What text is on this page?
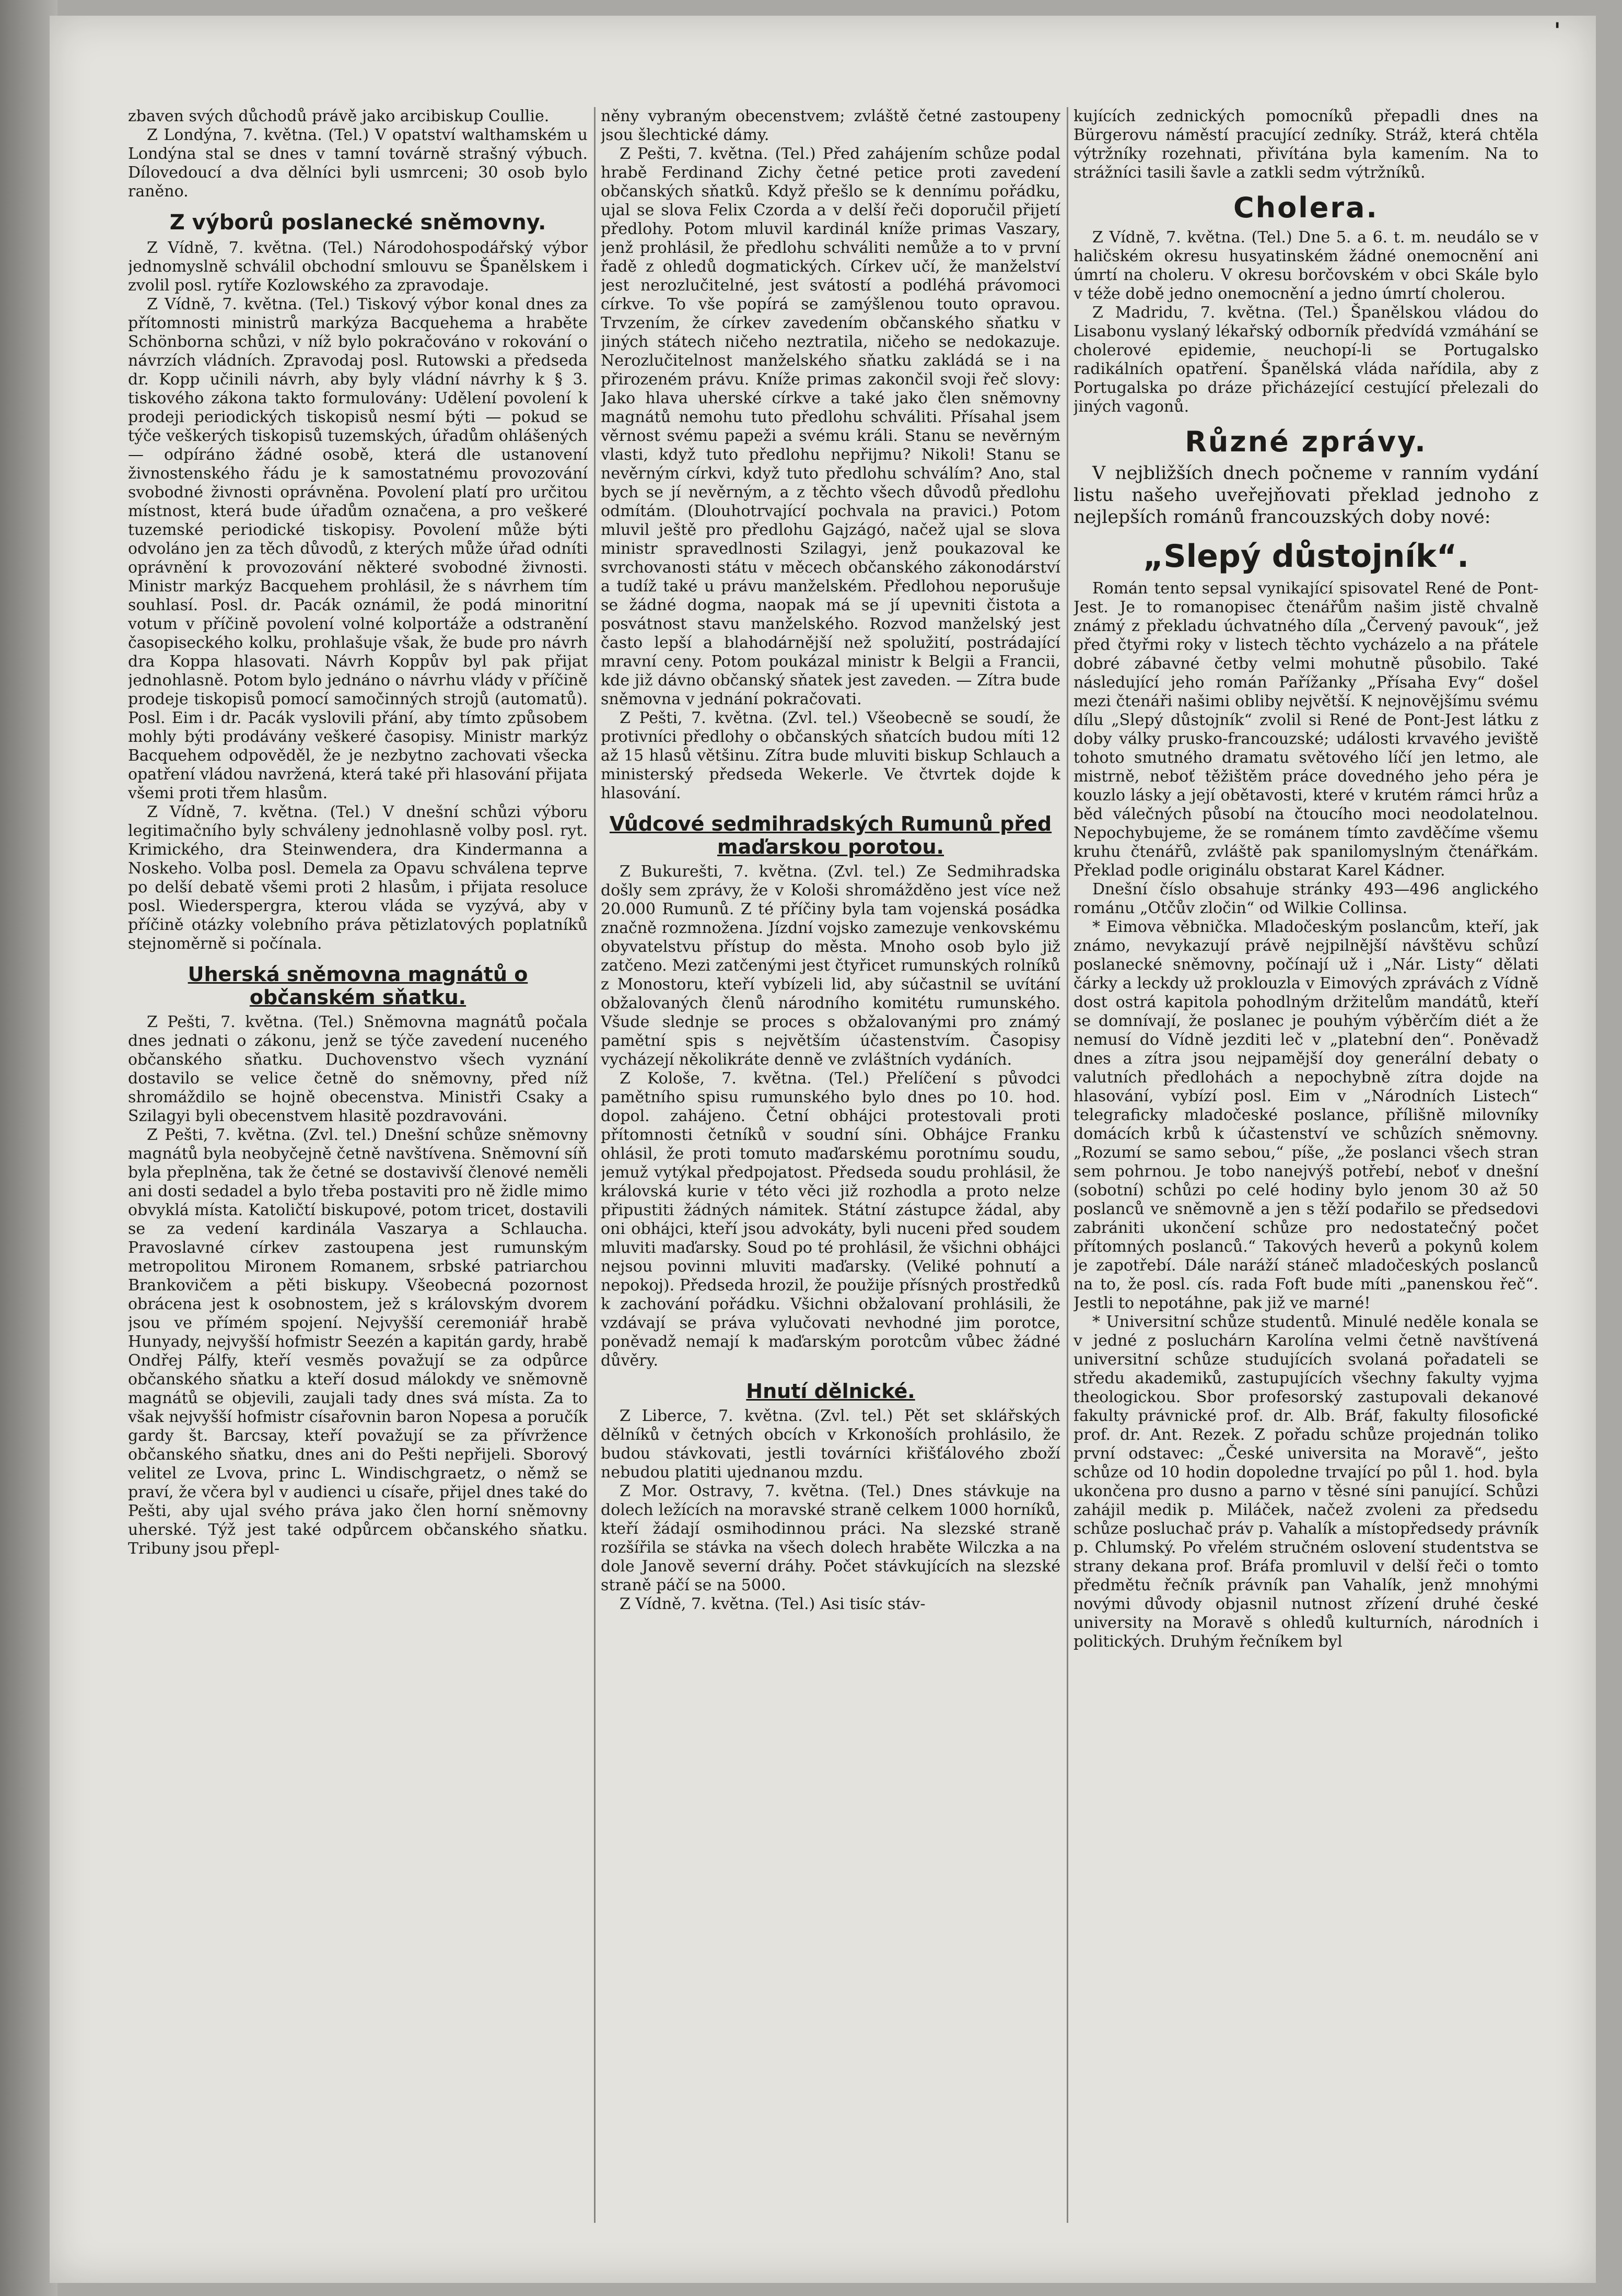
'

zbaven svých důchodů právě jako arcibiskup Coullie.

Z Londýna, 7. května. (Tel.) V opatství walthamském u Londýna stal se dnes v tamní továrně strašný výbuch. Dílovedoucí a dva dělníci byli usmrceni; 30 osob bylo raněno.

Z výborů poslanecké sněmovny.

Z Vídně, 7. května. (Tel.) Národohospodářský výbor jednomyslně schválil obchodní smlouvu se Španělskem i zvolil posl. rytíře Kozlowského za zpravodaje.

Z Vídně, 7. května. (Tel.) Tiskový výbor konal dnes za přítomnosti ministrů markýza Bacquehema a hraběte Schönborna schůzi, v níž bylo pokračováno v rokování o návrzích vládních. Zpravodaj posl. Rutowski a předseda dr. Kopp učinili návrh, aby byly vládní návrhy k § 3. tiskového zákona takto formulovány: Udělení povolení k prodeji periodických tiskopisů nesmí býti — pokud se týče veškerých tiskopisů tuzemských, úřadům ohlášených — odpíráno žádné osobě, která dle ustanovení živnostenského řádu je k samostatnému provozování svobodné živnosti oprávněna. Povolení platí pro určitou místnost, která bude úřadům označena, a pro veškeré tuzemské periodické tiskopisy. Povolení může býti odvoláno jen za těch důvodů, z kterých může úřad odníti oprávnění k provozování některé svobodné živnosti. Ministr markýz Bacquehem prohlásil, že s návrhem tím souhlasí. Posl. dr. Pacák oznámil, že podá minoritní votum v příčině povolení volné kolportáže a odstranění časopiseckého kolku, prohlašuje však, že bude pro návrh dra Koppa hlasovati. Návrh Koppův byl pak přijat jednohlasně. Potom bylo jednáno o návrhu vlády v příčině prodeje tiskopisů pomocí samočinných strojů (automatů). Posl. Eim i dr. Pacák vyslovili přání, aby tímto způsobem mohly býti prodávány veškeré časopisy. Ministr markýz Bacquehem odpověděl, že je nezbytno zachovati všecka opatření vládou navržená, která také při hlasování přijata všemi proti třem hlasům.

Z Vídně, 7. května. (Tel.) V dnešní schůzi výboru legitimačního byly schváleny jednohlasně volby posl. ryt. Krimickéhо, dra Steinwendera, dra Kindermanna a Noskeho. Volba posl. Demela za Opavu schválena teprve po delší debatě všemi proti 2 hlasům, i přijata resoluce posl. Wiederspergra, kterou vláda se vyzývá, aby v příčině otázky volebního práva pětizlatových poplatníků stejnoměrně si počínala.

Uherská sněmovna magnátů o občanském sňatku.

Z Pešti, 7. května. (Tel.) Sněmovna magnátů počala dnes jednati o zákonu, jenž se týče zavedení nuceného občanského sňatku. Duchovenstvo všech vyznání dostavilo se velice četně do sněmovny, před níž shromáždilo se hojně obecenstva. Ministři Csaky a Szilagyi byli obecenstvem hlasitě pozdravováni.

Z Pešti, 7. května. (Zvl. tel.) Dnešní schůze sněmovny magnátů byla neobyčejně četně navštívena. Sněmovní síň byla přeplněna, tak že četné se dostavivší členové neměli ani dosti sedadel a bylo třeba postaviti pro ně židle mimo obvyklá místa. Katoličtí biskupové, potom tricet, dostavili se za vedení kardinála Vaszarya a Schlaucha. Pravoslavné církev zastoupena jest rumunským metropolitou Mironem Romanem, srbské patriarchou Brankovičem a pěti biskupy. Všeobecná pozornost obrácena jest k osobnostem, jež s královským dvorem jsou ve přímém spojení. Nejvyšší ceremoniář hrabě Hunyady, nejvyšší hofmistr Seezén a kapitán gardy, hrabě Ondřej Pálfy, kteří vesměs považují se za odpůrce občanského sňatku a kteří dosud málokdy ve sněmovně magnátů se objevili, zaujali tady dnes svá místa. Za to však nejvyšší hofmistr císařovnin baron Nopesa a poručík gardy št. Barcsay, kteří považují se za přívržence občanského sňatku, dnes ani do Pešti nepřijeli. Sborový velitel ze Lvova, princ L. Windischgraetz, o němž se praví, že včera byl v audienci u císaře, přijel dnes také do Pešti, aby ujal svého práva jako člen horní sněmovny uherské. Týž jest také odpůrcem občanského sňatku. Tribuny jsou přepl-

něny vybraným obecenstvem; zvláště četné zastoupeny jsou šlechtické dámy.

Z Pešti, 7. května. (Tel.) Před zahájením schůze podal hrabě Ferdinand Zichy četné petice proti zavedení občanských sňatků. Když přešlo se k dennímu pořádku, ujal se slova Felix Czorda a v delší řeči doporučil přijetí předlohy. Potom mluvil kardinál kníže primas Vaszary, jenž prohlásil, že předlohu schváliti nemůže a to v první řadě z ohledů dogmatických. Církev učí, že manželství jest nerozlučitelné, jest svátostí a podléhá právomoci církve. To vše popírá se zamýšlenou touto opravou. Trvzením, že církev zavedením občanského sňatku v jiných státech ničeho neztratila, ničeho se nedokazuje. Nerozlučitelnost manželského sňatku zakládá se i na přirozeném právu. Kníže primas zakončil svoji řeč slovy: Jako hlava uherské církve a také jako člen sněmovny magnátů nemohu tuto předlohu schváliti. Přísahal jsem věrnost svému papeži a svému králi. Stanu se nevěrným vlasti, když tuto předlohu nepřijmu? Nikoli! Stanu se nevěrným církvi, když tuto předlohu schválím? Ano, stal bych se jí nevěrným, a z těchto všech důvodů předlohu odmítám. (Dlouhotrvající pochvala na pravici.) Potom mluvil ještě pro předlohu Gajzágó, načež ujal se slova ministr spravedlnosti Szilagyi, jenž poukazoval ke svrchovanosti státu v měcech občanského zákonodárství a tudíž také u právu manželském. Předlohou neporušuje se žádné dogma, naopak má se jí upevniti čistota a posvátnost stavu manželského. Rozvod manželský jest často lepší a blahodárnější než spolužití, postrádající mravní ceny. Potom poukázal ministr k Belgii a Francii, kde již dávno občanský sňatek jest zaveden. — Zítra bude sněmovna v jednání pokračovati.

Z Pešti, 7. května. (Zvl. tel.) Všeobecně se soudí, že protivníci předlohy o občanských sňatcích budou míti 12 až 15 hlasů většinu. Zítra bude mluviti biskup Schlauch a ministerský předseda Wekerle. Ve čtvrtek dojde k hlasování.

Vůdcové sedmihradských Rumunů před maďarskou porotou.

Z Bukurešti, 7. května. (Zvl. tel.) Ze Sedmihradska došly sem zprávy, že v Kološi shromážděno jest více než 20.000 Rumunů. Z té příčiny byla tam vojenská posádka značně rozmnožena. Jízdní vojsko zamezuje venkovskému obyvatelstvu přístup do města. Mnoho osob bylo již zatčeno. Mezi zatčenými jest čtyřicet rumunských rolníků z Monostoru, kteří vybízeli lid, aby súčastnil se uvítání obžalovaných členů národního komitétu rumunského. Všude slednje se proces s obžalovanými pro známý pamětní spis s největším účastenstvím. Časopisy vycházejí několikráte denně ve zvláštních vydáních.

Z Kološe, 7. května. (Tel.) Přelíčení s původci pamětního spisu rumunského bylo dnes po 10. hod. dopol. zahájeno. Četní obhájci protestovali proti přítomnosti četníků v soudní síni. Obhájce Franku ohlásil, že proti tomuto maďarskému porotnímu soudu, jemuž vytýkal předpojatost. Předseda soudu prohlásil, že královská kurie v této věci již rozhodla a proto nelze připustiti žádných námitek. Státní zástupce žádal, aby oni obhájci, kteří jsou advokáty, byli nuceni před soudem mluviti maďarsky. Soud po té prohlásil, že všichni obhájci nejsou povinni mluviti maďarsky. (Veliké pohnutí a nepokoj). Předseda hrozil, že použije přísných prostředků k zachování pořádku. Všichni obžalovaní prohlásili, že vzdávají se práva vylučovati nevhodné jim porotce, poněvadž nemají k maďarským porotcům vůbec žádné důvěry.

Hnutí dělnické.

Z Liberce, 7. května. (Zvl. tel.) Pět set sklářských dělníků v četných obcích v Krkonoších prohlásilo, že budou stávkovati, jestli továrníci křišťálového zboží nebudou platiti ujednanou mzdu.

Z Mor. Ostravy, 7. května. (Tel.) Dnes stávkuje na dolech ležících na moravské straně celkem 1000 horníků, kteří žádají osmihodinnou práci. Na slezské straně rozšířila se stávka na všech dolech hraběte Wilczka a na dole Janově severní dráhy. Počet stávkujících na slezské straně páčí se na 5000.

Z Vídně, 7. května. (Tel.) Asi tisíc stáv-

kujících zednických pomocníků přepadli dnes na Bürgerovu náměstí pracující zedníky. Stráž, která chtěla výtržníky rozehnati, přivítána byla kamením. Na to strážníci tasili šavle a zatkli sedm výtržníků.

Cholera.

Z Vídně, 7. května. (Tel.) Dne 5. a 6. t. m. neudálo se v haličském okresu husyatinském žádné onemocnění ani úmrtí na choleru. V okresu borčovském v obci Skále bylo v téže době jedno onemocnění a jedno úmrtí cholerou.

Z Madridu, 7. května. (Tel.) Španělskou vládou do Lisabonu vyslaný lékařský odborník předvídá vzmáhání se cholerové epidemie, neuchopí-li se Portugalsko radikálních opatření. Španělská vláda nařídila, aby z Portugalska po dráze přicházející cestující přelezali do jiných vagonů.

Různé zprávy.

V nejbližších dnech počneme v ranním vydání listu našeho uveřejňovati překlad jednoho z nejlepších románů francouzských doby nové:

„Slepý důstojník“.

Román tento sepsal vynikající spisovatel René de Pont-Jest. Je to romanopisec čtenářům našim jistě chvalně známý z překladu úchvatného díla „Červený pavouk“, jež před čtyřmi roky v listech těchto vycházelo a na přátele dobré zábavné četby velmi mohutně působilo. Také následující jeho román Pařížanky „Přísaha Evy“ došel mezi čtenáři našimi obliby největší. K nejnovějšímu svému dílu „Slepý důstojník“ zvolil si René de Pont-Jest látku z doby války prusko-francouzské; události krvavého jeviště tohoto smutného dramatu světového líčí jen letmo, ale mistrně, neboť těžištěm práce dovedného jeho péra je kouzlo lásky a její obětavosti, které v krutém rámci hrůz a běd válečných působí na čtoucího moci neodolatelnou. Nepochybujeme, že se románem tímto zavděčíme všemu kruhu čtenářů, zvláště pak spanilomyslným čtenářkám. Překlad podle originálu obstarat Karel Kádner.

Dnešní číslo obsahuje stránky 493—496 anglického románu „Otčův zločin“ od Wilkie Collinsa.

* Eimova věbnička. Mladočeským poslancům, kteří, jak známo, nevykazují právě nejpilnější návštěvu schůzí poslanecké sněmovny, počínají už i „Nár. Listy“ dělati čárky a leckdy už proklouzla v Eimových zprávách z Vídně dost ostrá kapitola pohodlným držitelům mandátů, kteří se domnívají, že poslanec je pouhým výběrčím diét a že nemusí do Vídně jezditi leč v „platební den“. Poněvadž dnes a zítra jsou nejpamější doy generální debaty o valutních předlohách a nepochybně zítra dojde na hlasování, vybízí posl. Eim v „Národních Listech“ telegraficky mladočeské poslance, přílišně milovníky domácích krbů k účastenství ve schůzích sněmovny. „Rozumí se samo sebou,“ píše, „že poslanci všech stran sem pohrnou. Je tobo nanejvýš potřebí, neboť v dnešní (sobotní) schůzi po celé hodiny bylo jenom 30 až 50 poslanců ve sněmovně a jen s těží podařilo se předsedovi zabrániti ukončení schůze pro nedostatečný počet přítomných poslanců.“ Takových heverů a pokynů kolem je zapotřebí. Dále naráží stáneč mladočeských poslanců na to, že posl. cís. rada Foft bude míti „panenskou řeč“. Jestli to nepotáhne, pak již ve marné!

* Universitní schůze studentů. Minulé neděle konala se v jedné z posluchárn Karolína velmi četně navštívená universitní schůze studujících svolaná pořadateli se středu akademiků, zastupujících všechny fakulty vyjma theologickou. Sbor profesorský zastupovali dekanové fakulty právnické prof. dr. Alb. Bráf, fakulty filosofické prof. dr. Ant. Rezek. Z pořadu schůze projednán toliko první odstavec: „České universita na Moravě“, ješto schůze od 10 hodin dopoledne trvající po půl 1. hod. byla ukončena pro dusno a parno v těsné síni panující. Schůzi zahájil medik p. Miláček, načež zvoleni za předsedu schůze posluchač práv p. Vahalík a místopředsedy právník p. Chlumský. Po vřelém stručném oslovení studentstva se strany dekana prof. Bráfa promluvil v delší řeči o tomto předmětu řečník právník pan Vahalík, jenž mnohými novými důvody objasnil nutnost zřízení druhé české university na Moravě s ohledů kulturních, národních i politických. Druhým řečníkem byl
